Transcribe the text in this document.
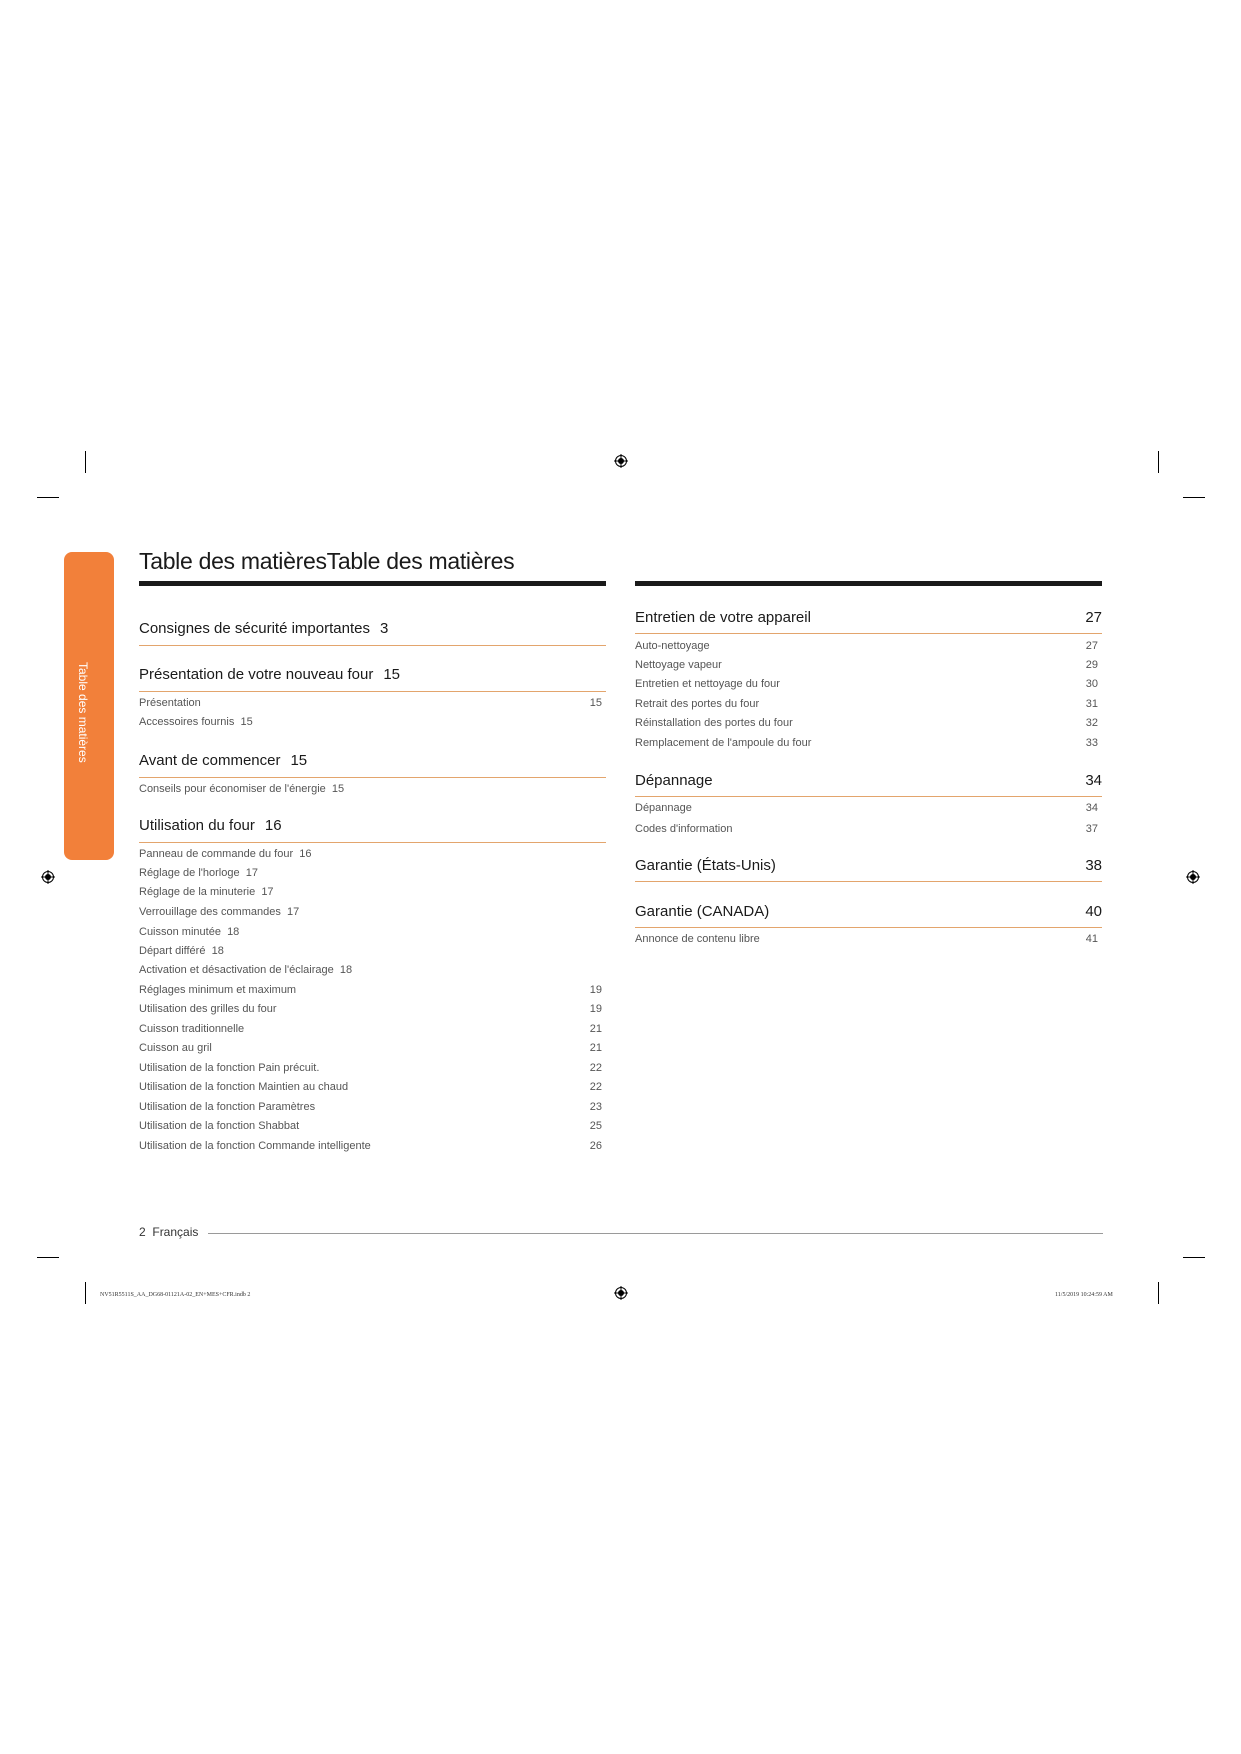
Table des matières
Table des matièresTable des matières
Consignes de sécurité importantes 3
Présentation de votre nouveau four 15
Présentation	15
Accessoires fournis 15
Avant de commencer 15
Conseils pour économiser de l'énergie 15
Utilisation du four 16
Panneau de commande du four 16
Réglage de l'horloge 17
Réglage de la minuterie 17
Verrouillage des commandes 17
Cuisson minutée 18
Départ différé 18
Activation et désactivation de l'éclairage 18
Réglages minimum et maximum	19
Utilisation des grilles du four	19
Cuisson traditionnelle	21
Cuisson au gril	21
Utilisation de la fonction Pain précuit.	22
Utilisation de la fonction Maintien au chaud	22
Utilisation de la fonction Paramètres	23
Utilisation de la fonction Shabbat	25
Utilisation de la fonction Commande intelligente	26
Entretien de votre appareil	27
Auto-nettoyage	27
Nettoyage vapeur	29
Entretien et nettoyage du four	30
Retrait des portes du four	31
Réinstallation des portes du four	32
Remplacement de l'ampoule du four	33
Dépannage	34
Dépannage	34
Codes d'information	37
Garantie (États-Unis)	38
Garantie (CANADA)	40
Annonce de contenu libre	41
2 Français
NV51R5511S_AA_DG68-01121A-02_EN+MES+CFR.indb 2	11/5/2019 10:24:59 AM
